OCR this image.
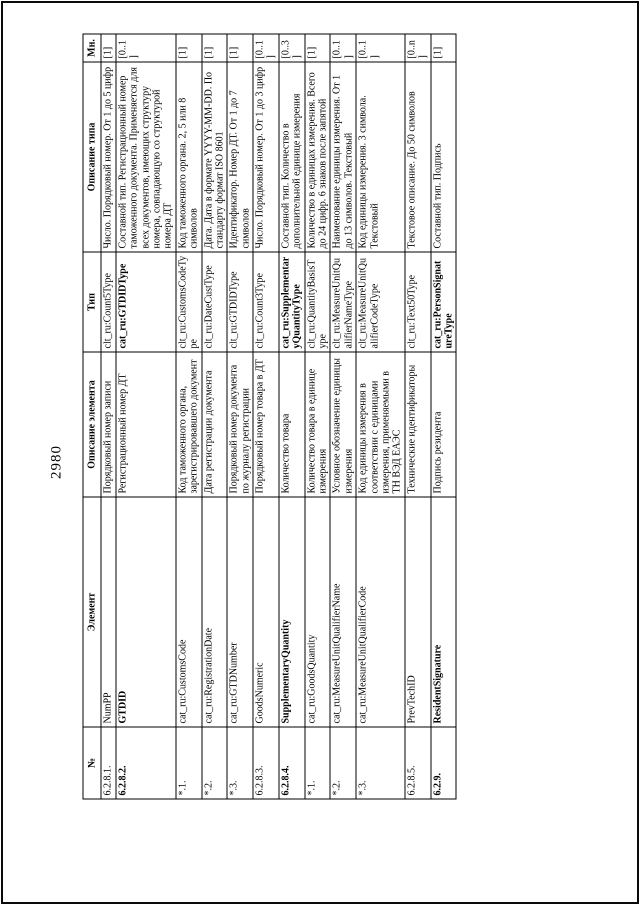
2980
№	Элемент	Описание элемента	Тип	Описание типа	Мн.
6.2.8.1.	NumPP	Порядковый номер записи	clt_ru:Count5Type	Число. Порядковый номер. От 1 до 5 цифр	[1]
6.2.8.2.	GTDID	Регистрационный номер ДТ	cat_ru:GTDIDType	Составной тип. Регистрационный номер таможенного документа. Применяется для всех документов, имеющих структуру номера, совпадающую со структурой номера ДТ	[0..1]
*.1.	cat_ru:CustomsCode	Код таможенного органа, зарегистрировавшего документ	clt_ru:CustomsCodeType	Код таможенного органа. 2, 5 или 8 символов	[1]
*.2.	cat_ru:RegistrationDate	Дата регистрации документа	clt_ru:DateCustType	Дата. Дата в формате YYYY-MM-DD. По стандарту формат ISO 8601	[1]
*.3.	cat_ru:GTDNumber	Порядковый номер документа по журналу регистрации	clt_ru:GTDIDType	Идентификатор. Номер ДТ. От 1 до 7 символов	[1]
6.2.8.3.	GoodsNumeric	Порядковый номер товара в ДТ	clt_ru:Count3Type	Число. Порядковый номер. От 1 до 3 цифр	[0..1]
6.2.8.4.	SupplementaryQuantity	Количество товара	cat_ru:SupplementaryQuantityType	Составной тип. Количество в дополнительной единице измерения	[0..3]
*.1.	cat_ru:GoodsQuantity	Количество товара в единице измерения	clt_ru:QuantityBasisType	Количество в единицах измерения. Всего до 24 цифр. 6 знаков после запятой	[1]
*.2.	cat_ru:MeasureUnitQualifierName	Условное обозначение единицы измерения	clt_ru:MeasureUnitQualifierNameType	Наименование единицы измерения. От 1 до 13 символов. Текстовый	[0..1]
*.3.	cat_ru:MeasureUnitQualifierCode	Код единицы измерения в соответствии с единицами измерения, применяемыми в ТН ВЭД ЕАЭС	clt_ru:MeasureUnitQualifierCodeType	Код единицы измерения. 3 символа. Текстовый	[0..1]
6.2.8.5.	PrevTechID	Технические идентификаторы	clt_ru:Text50Type	Текстовое описание. До 50 символов	[0..n]
6.2.9.	ResidentSignature	Подпись резидента	cat_ru:PersonSignatureType	Составной тип. Подпись	[1]
